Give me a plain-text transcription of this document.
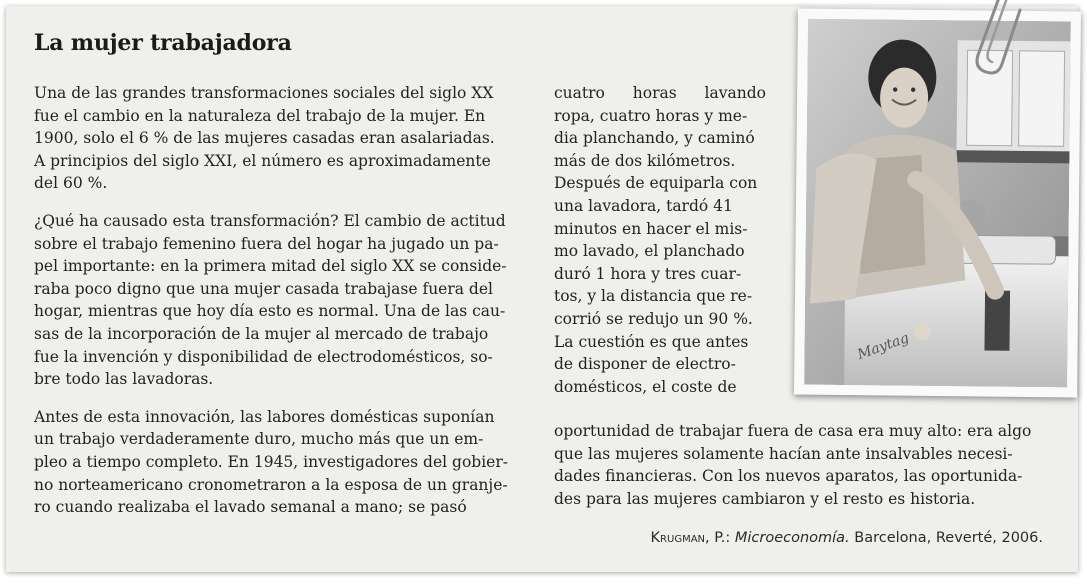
La mujer trabajadora

Una de las grandes transformaciones sociales del siglo XX
fue el cambio en la naturaleza del trabajo de la mujer. En
1900, solo el 6 % de las mujeres casadas eran asalariadas.
A principios del siglo XXI, el número es aproximadamente
del 60 %.

¿Qué ha causado esta transformación? El cambio de actitud
sobre el trabajo femenino fuera del hogar ha jugado un pa-
pel importante: en la primera mitad del siglo XX se conside-
raba poco digno que una mujer casada trabajase fuera del
hogar, mientras que hoy día esto es normal. Una de las cau-
sas de la incorporación de la mujer al mercado de trabajo
fue la invención y disponibilidad de electrodomésticos, so-
bre todo las lavadoras.

Antes de esta innovación, las labores domésticas suponían
un trabajo verdaderamente duro, mucho más que un em-
pleo a tiempo completo. En 1945, investigadores del gobier-
no norteamericano cronometraron a la esposa de un granje-
ro cuando realizaba el lavado semanal a mano; se pasó

cuatro horas lavando
ropa, cuatro horas y me-
dia planchando, y caminó
más de dos kilómetros.
Después de equiparla con
una lavadora, tardó 41
minutos en hacer el mis-
mo lavado, el planchado
duró 1 hora y tres cuar-
tos, y la distancia que re-
corrió se redujo un 90 %.
La cuestión es que antes
de disponer de electro-
domésticos, el coste de
oportunidad de trabajar fuera de casa era muy alto: era algo
que las mujeres solamente hacían ante insalvables necesi-
dades financieras. Con los nuevos aparatos, las oportunida-
des para las mujeres cambiaron y el resto es historia.
Krugman, P.: Microeconomía. Barcelona, Reverté, 2006.
Maytag
